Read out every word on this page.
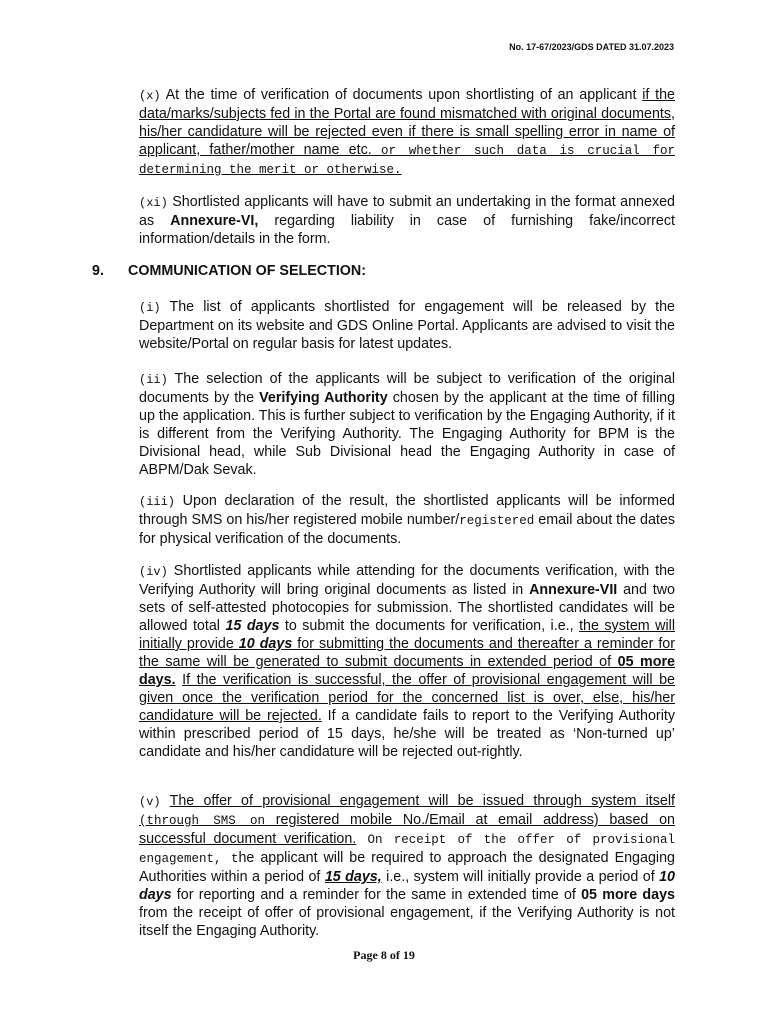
No. 17-67/2023/GDS DATED 31.07.2023

(x) At the time of verification of documents upon shortlisting of an applicant if the data/marks/subjects fed in the Portal are found mismatched with original documents, his/her candidature will be rejected even if there is small spelling error in name of applicant, father/mother name etc. or whether such data is crucial for determining the merit or otherwise.

(xi) Shortlisted applicants will have to submit an undertaking in the format annexed as Annexure-VI, regarding liability in case of furnishing fake/incorrect information/details in the form.

9. COMMUNICATION OF SELECTION:

(i) The list of applicants shortlisted for engagement will be released by the Department on its website and GDS Online Portal. Applicants are advised to visit the website/Portal on regular basis for latest updates.

(ii) The selection of the applicants will be subject to verification of the original documents by the Verifying Authority chosen by the applicant at the time of filling up the application. This is further subject to verification by the Engaging Authority, if it is different from the Verifying Authority. The Engaging Authority for BPM is the Divisional head, while Sub Divisional head the Engaging Authority in case of ABPM/Dak Sevak.

(iii) Upon declaration of the result, the shortlisted applicants will be informed through SMS on his/her registered mobile number/registered email about the dates for physical verification of the documents.

(iv) Shortlisted applicants while attending for the documents verification, with the Verifying Authority will bring original documents as listed in Annexure-VII and two sets of self-attested photocopies for submission. The shortlisted candidates will be allowed total 15 days to submit the documents for verification, i.e., the system will initially provide 10 days for submitting the documents and thereafter a reminder for the same will be generated to submit documents in extended period of 05 more days. If the verification is successful, the offer of provisional engagement will be given once the verification period for the concerned list is over, else, his/her candidature will be rejected. If a candidate fails to report to the Verifying Authority within prescribed period of 15 days, he/she will be treated as ‘Non-turned up’ candidate and his/her candidature will be rejected out-rightly.

(v) The offer of provisional engagement will be issued through system itself (through SMS on registered mobile No./Email at email address) based on successful document verification. On receipt of the offer of provisional engagement, the applicant will be required to approach the designated Engaging Authorities within a period of 15 days, i.e., system will initially provide a period of 10 days for reporting and a reminder for the same in extended time of 05 more days from the receipt of offer of provisional engagement, if the Verifying Authority is not itself the Engaging Authority.

Page 8 of 19
